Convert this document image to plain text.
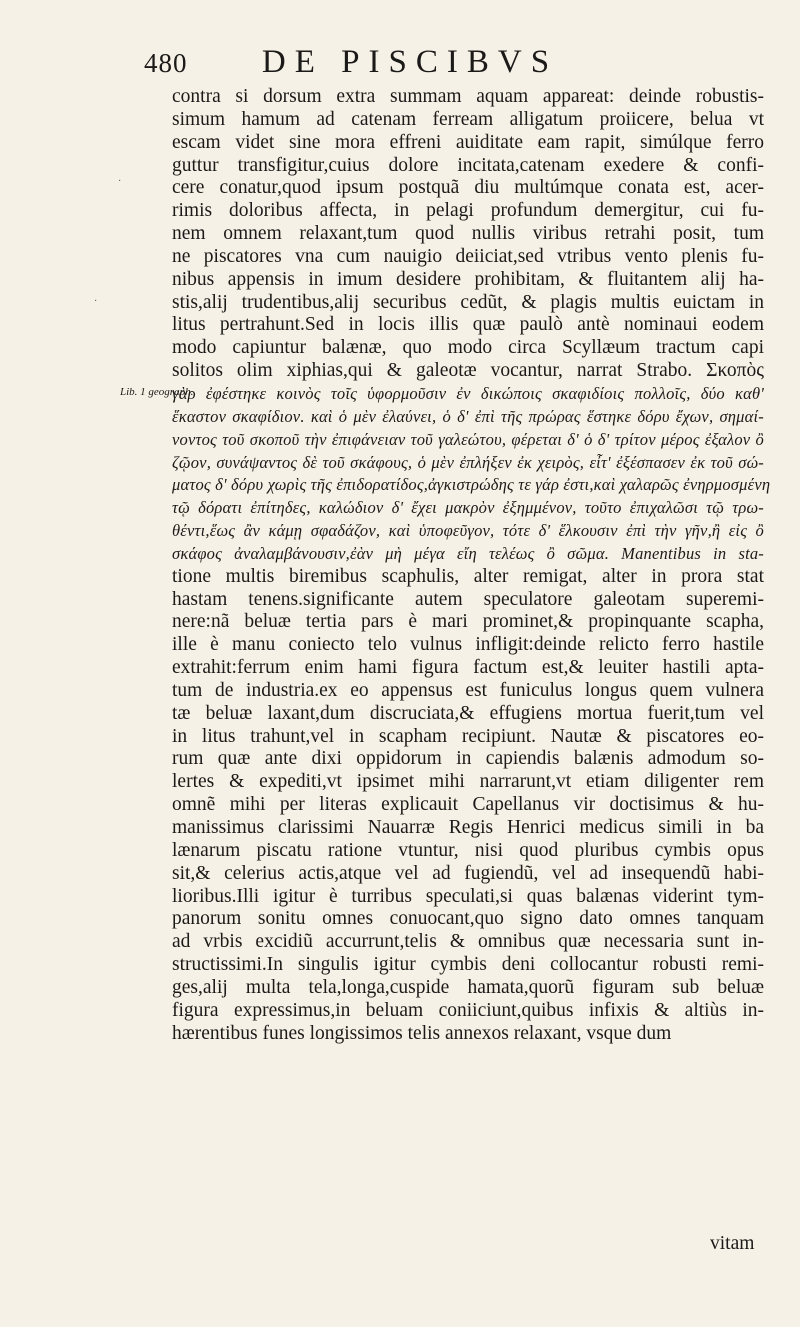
480	DE PISCIBVS
Lib. 1 geograph.
·
·
contra si dorsum extra summam aquam appareat: deinde robustis-
simum hamum ad catenam ferream alligatum proiicere, belua vt
escam videt sine mora effreni auiditate eam rapit, simúlque ferro
guttur transfigitur,cuius dolore incitata,catenam exedere & confi-
cere conatur,quod ipsum postquã diu multúmque conata est, acer-
rimis doloribus affecta, in pelagi profundum demergitur, cui fu-
nem omnem relaxant,tum quod nullis viribus retrahi posit, tum
ne piscatores vna cum nauigio deiiciat,sed vtribus vento plenis fu-
nibus appensis in imum desidere prohibitam, & fluitantem alij ha-
stis,alij trudentibus,alij securibus cedũt, & plagis multis euictam in
litus pertrahunt.Sed in locis illis quæ paulò antè nominaui eodem
modo capiuntur balænæ, quo modo circa Scyllæum tractum capi
solitos olim xiphias,qui & galeotæ vocantur, narrat Strabo. Σκοπὸς
γὰρ ἐφέστηκε κοινὸς τοῖς ὑφορμοῦσιν ἐν δικώποις σκαφιδίοις πολλοῖς, δύο καθ'
ἕκαστον σκαφίδιον. καὶ ὁ μὲν ἐλαύνει, ὁ δ' ἐπὶ τῆς πρώρας ἕστηκε δόρυ ἔχων, σημαί-
νοντος τοῦ σκοποῦ τὴν ἐπιφάνειαν τοῦ γαλεώτου, φέρεται δ' ὁ δ' τρίτον μέρος ἐξαλον ὂ
ζῷον, συνάψαντος δὲ τοῦ σκάφους, ὁ μὲν ἐπλήξεν ἐκ χειρὸς, εἶτ' ἐξέσπασεν ἐκ τοῦ σώ-
ματος δ' δόρυ χωρὶς τῆς ἐπιδορατίδος,ἀγκιστρώδης τε γάρ ἐστι,καὶ χαλαρῶς ἐνηρμοσμένη
τῷ δόρατι ἐπίτηδες, καλώδιον δ' ἔχει μακρὸν ἐξημμένον, τοῦτο ἐπιχαλῶσι τῷ τρω-
θέντι,ἕως ἂν κάμῃ σφαδάζον, καὶ ὑποφεῦγον, τότε δ' ἕλκουσιν ἐπὶ τὴν γῆν,ἢ εἰς ὂ
σκάφος ἀναλαμβάνουσιν,ἐὰν μὴ μέγα εἴη τελέως ὂ σῶμα. Manentibus in sta-
tione multis biremibus scaphulis, alter remigat, alter in prora stat
hastam tenens.significante autem speculatore galeotam superemi-
nere:nã beluæ tertia pars è mari prominet,& propinquante scapha,
ille è manu coniecto telo vulnus infligit:deinde relicto ferro hastile
extrahit:ferrum enim hami figura factum est,& leuiter hastili apta-
tum de industria.ex eo appensus est funiculus longus quem vulnera
tæ beluæ laxant,dum discruciata,& effugiens mortua fuerit,tum vel
in litus trahunt,vel in scapham recipiunt. Nautæ & piscatores eo-
rum quæ ante dixi oppidorum in capiendis balænis admodum so-
lertes & expediti,vt ipsimet mihi narrarunt,vt etiam diligenter rem
omnẽ mihi per literas explicauit Capellanus vir doctisimus & hu-
manissimus clarissimi Nauarræ Regis Henrici medicus simili in ba
lænarum piscatu ratione vtuntur, nisi quod pluribus cymbis opus
sit,& celerius actis,atque vel ad fugiendũ, vel ad insequendũ habi-
lioribus.Illi igitur è turribus speculati,si quas balænas viderint tym-
panorum sonitu omnes conuocant,quo signo dato omnes tanquam
ad vrbis excidiũ accurrunt,telis & omnibus quæ necessaria sunt in-
structissimi.In singulis igitur cymbis deni collocantur robusti remi-
ges,alij multa tela,longa,cuspide hamata,quorũ figuram sub beluæ
figura expressimus,in beluam coniiciunt,quibus infixis & altiùs in-
hærentibus funes longissimos telis annexos relaxant, vsque dum
vitam
